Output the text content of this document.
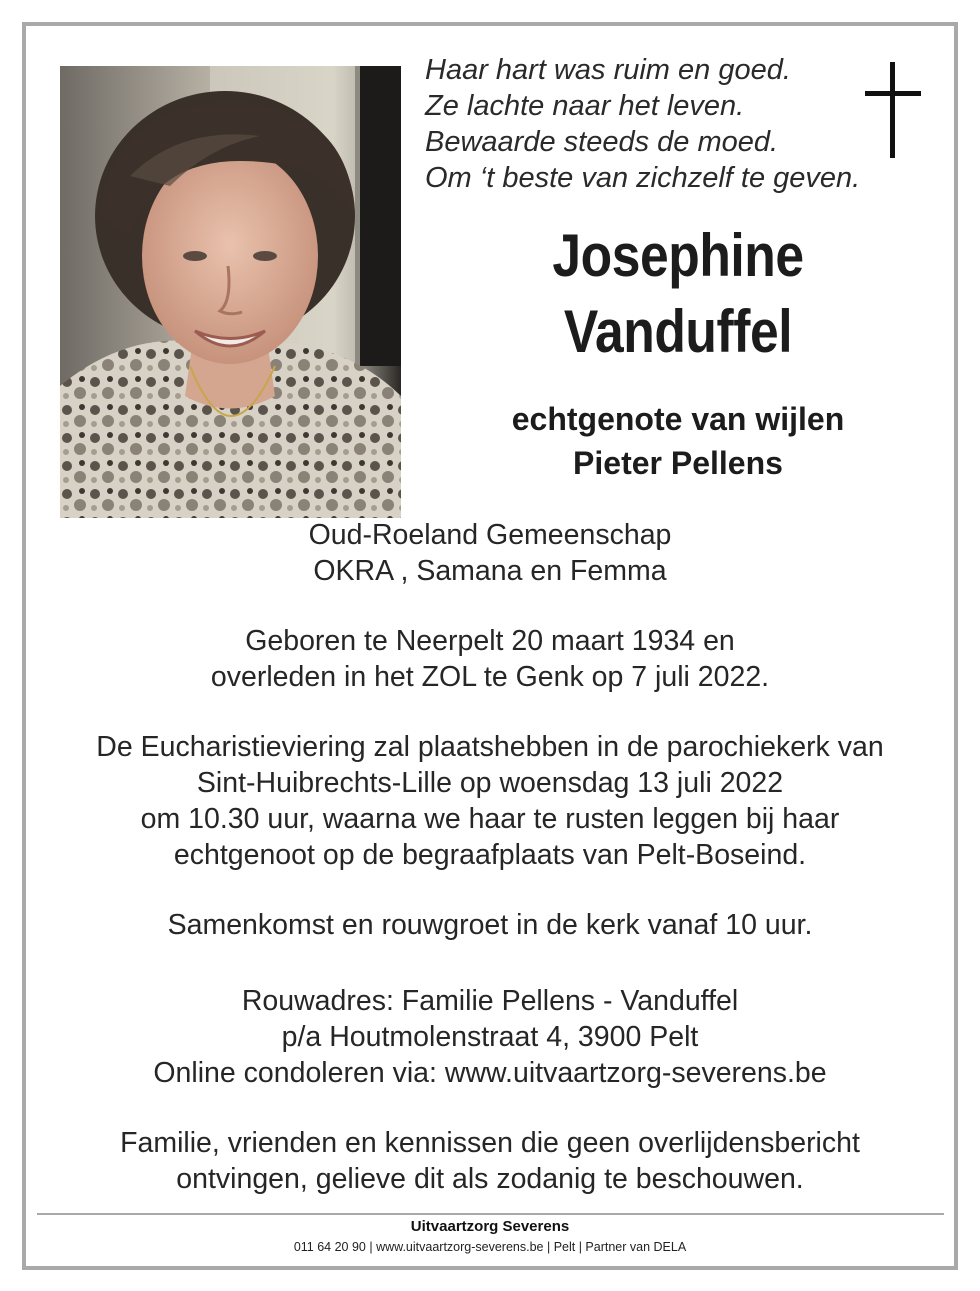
Haar hart was ruim en goed.
Ze lachte naar het leven.
Bewaarde steeds de moed.
Om ‘t beste van zichzelf te geven.
Josephine
Vanduffel
echtgenote van wijlen
Pieter Pellens
Oud-Roeland Gemeenschap
OKRA , Samana en Femma
Geboren te Neerpelt 20 maart 1934 en
overleden in het ZOL te Genk op 7 juli 2022.
De Eucharistieviering zal plaatshebben in de parochiekerk van
Sint-Huibrechts-Lille op woensdag 13 juli 2022
om 10.30 uur, waarna we haar te rusten leggen bij haar
echtgenoot op de begraafplaats van Pelt-Boseind.
Samenkomst en rouwgroet in de kerk vanaf 10 uur.
Rouwadres: Familie Pellens - Vanduffel
p/a Houtmolenstraat 4, 3900 Pelt
Online condoleren via: www.uitvaartzorg-severens.be
Familie, vrienden en kennissen die geen overlijdensbericht
ontvingen, gelieve dit als zodanig te beschouwen.
Uitvaartzorg Severens
011 64 20 90 | www.uitvaartzorg-severens.be | Pelt | Partner van DELA
